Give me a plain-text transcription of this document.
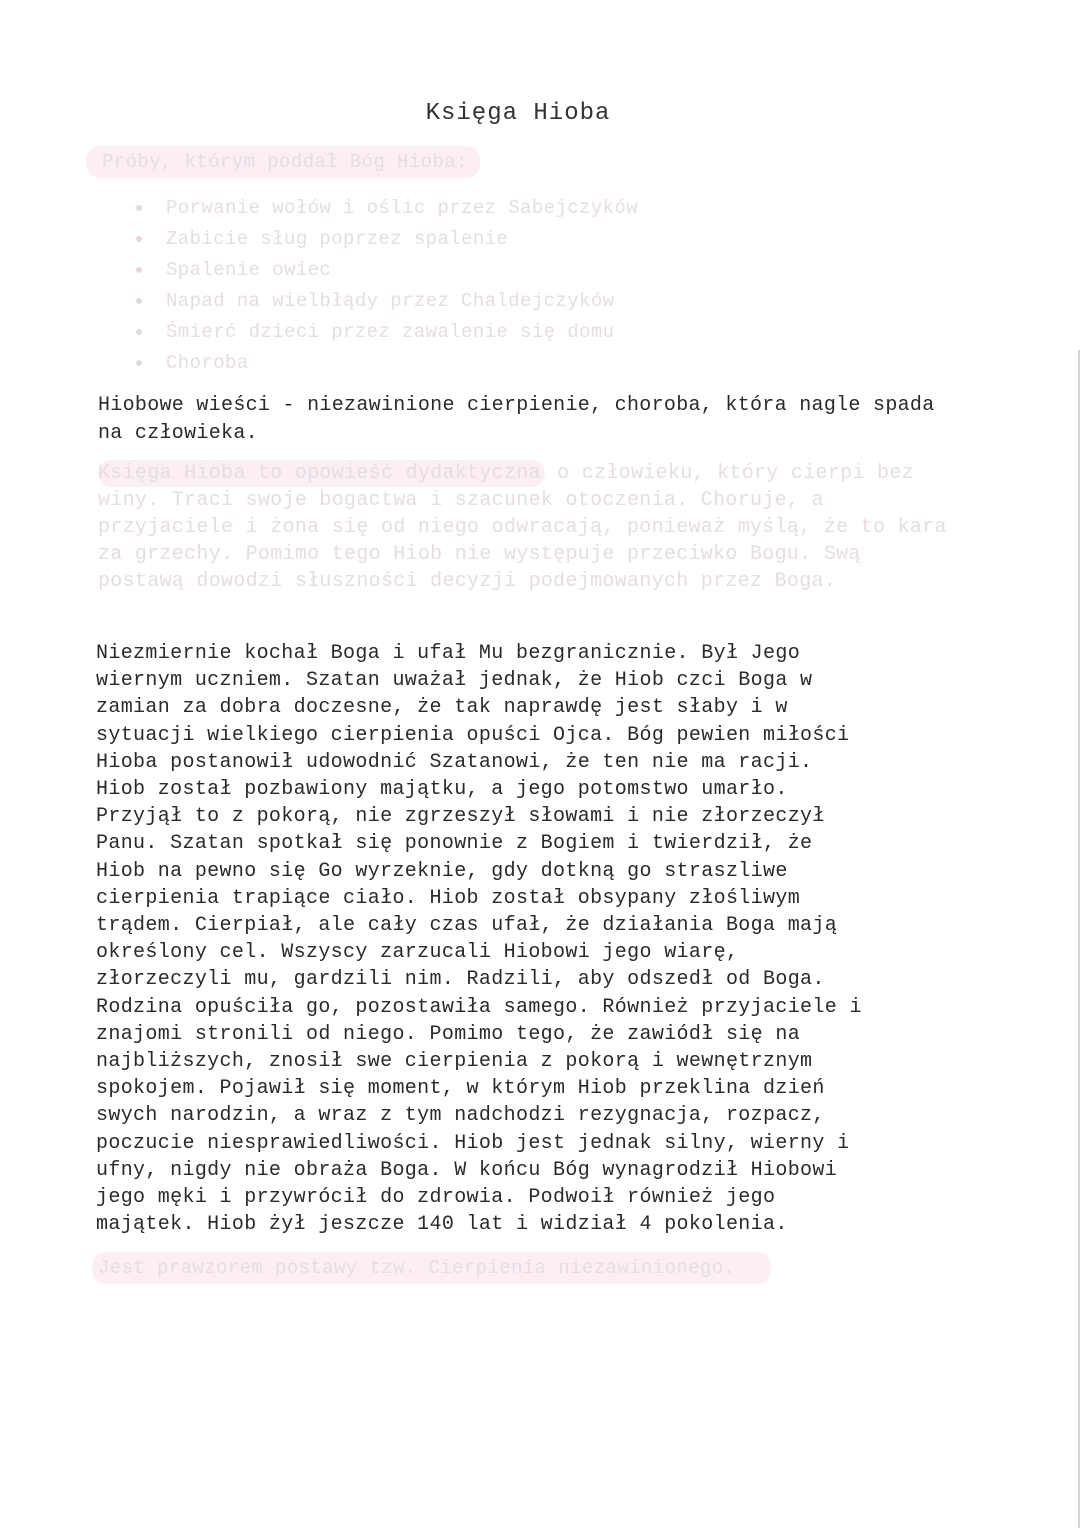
Księga Hioba
Próby, którym poddał Bóg Hioba:
Porwanie wołów i oślic przez Sabejczyków
Zabicie sług poprzez spalenie
Spalenie owiec
Napad na wielbłądy przez Chaldejczyków
Śmierć dzieci przez zawalenie się domu
Choroba
Hiobowe wieści - niezawinione cierpienie, choroba, która nagle spada na człowieka.
Księga Hioba to opowieść dydaktyczna o człowieku, który cierpi bez winy. Traci swoje bogactwa i szacunek otoczenia. Choruje, a przyjaciele i żona się od niego odwracają, ponieważ myślą, że to kara za grzechy. Pomimo tego Hiob nie występuje przeciwko Bogu. Swą postawą dowodzi słuszności decyzji podejmowanych przez Boga.
Niezmiernie kochał Boga i ufał Mu bezgranicznie. Był Jego
wiernym uczniem. Szatan uważał jednak, że Hiob czci Boga w
zamian za dobra doczesne, że tak naprawdę jest słaby i w
sytuacji wielkiego cierpienia opuści Ojca. Bóg pewien miłości
Hioba postanowił udowodnić Szatanowi, że ten nie ma racji.
Hiob został pozbawiony majątku, a jego potomstwo umarło.
Przyjął to z pokorą, nie zgrzeszył słowami i nie złorzeczył
Panu. Szatan spotkał się ponownie z Bogiem i twierdził, że
Hiob na pewno się Go wyrzeknie, gdy dotkną go straszliwe
cierpienia trapiące ciało. Hiob został obsypany złośliwym
trądem. Cierpiał, ale cały czas ufał, że działania Boga mają
określony cel. Wszyscy zarzucali Hiobowi jego wiarę,
złorzeczyli mu, gardzili nim. Radzili, aby odszedł od Boga.
Rodzina opuściła go, pozostawiła samego. Również przyjaciele i
znajomi stronili od niego. Pomimo tego, że zawiódł się na
najbliższych, znosił swe cierpienia z pokorą i wewnętrznym
spokojem. Pojawił się moment, w którym Hiob przeklina dzień
swych narodzin, a wraz z tym nadchodzi rezygnacja, rozpacz,
poczucie niesprawiedliwości. Hiob jest jednak silny, wierny i
ufny, nigdy nie obraża Boga. W końcu Bóg wynagrodził Hiobowi
jego męki i przywrócił do zdrowia. Podwoił również jego
majątek. Hiob żył jeszcze 140 lat i widział 4 pokolenia.
Jest prawzorem postawy tzw. Cierpienia niezawinionego.
